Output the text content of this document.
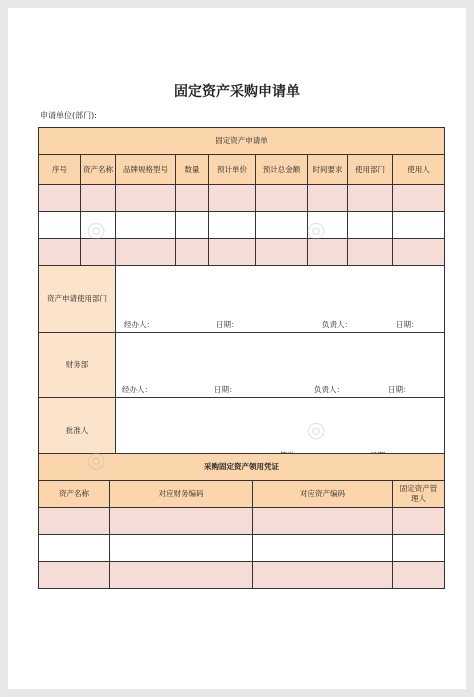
固定资产采购申请单
申请单位(部门):
固定资产申请单								
序号	资产名称	品牌规格型号	数量	预计单价	预计总金额	时间要求	使用部门	使用人

资产申请使用部门		经办人： 日期： 负责人： 日期：						

财务部		经办人： 日期： 负责人： 日期：						

批准人	
采购固定资产领用凭证			
资产名称	对应财务编码	对应资产编码	固定资产管理人

◎	◎
◎
◎
